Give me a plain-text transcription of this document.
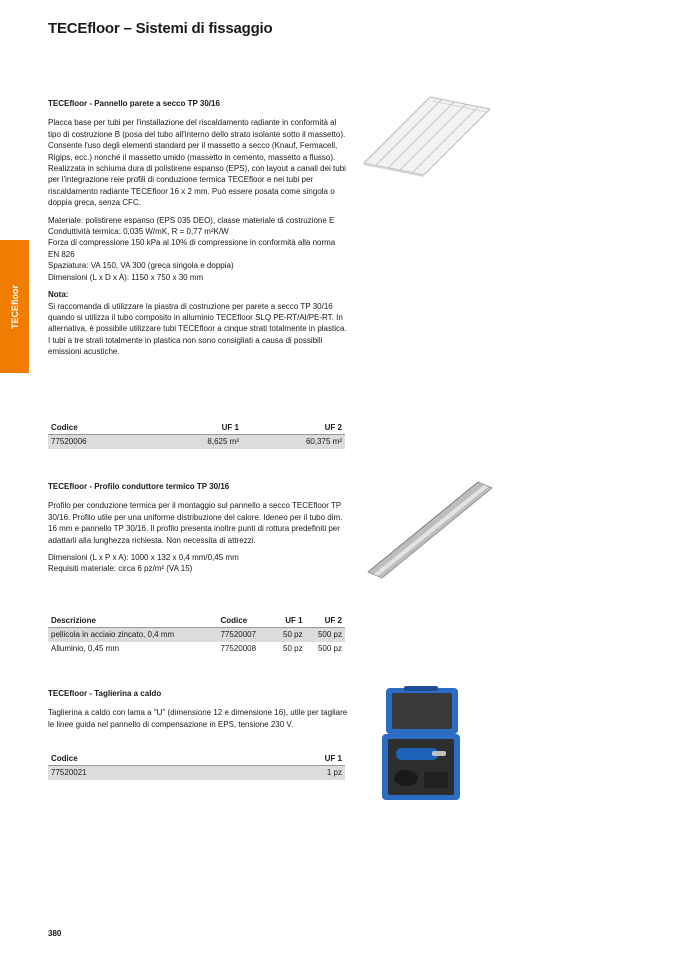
TECEfloor – Sistemi di fissaggio
TECEfloor
TECEfloor - Pannello parete a secco TP 30/16
Placca base per tubi per l'installazione del riscaldamento radiante in conformità al tipo di costruzione B (posa del tubo all'interno dello strato isolante sotto il massetto). Consente l'uso degli elementi standard per il massetto a secco (Knauf, Fermacell, Rigips, ecc.) nonché il massetto umido (massetto in cemento, massetto a flusso). Realizzata in schiuma dura di polistirene espanso (EPS), con layout a canali dei tubi per l'integrazione reie profili di conduzione termica TECEfloor e nei tubi per riscaldamento radiante TECEfloor 16 x 2 mm. Può essere posata come singola o doppia greca, senza CFC.
Materiale: polistirene espanso (EPS 035 DEO), classe materiale di costruzione E
Conduttività termica: 0,035 W/mK, R = 0,77 m²K/W
Forza di compressione 150 kPa al 10% di compressione in conformità alla norma EN 826
Spaziatura: VA 150, VA 300 (greca singola e doppia)
Dimensioni (L x D x A): 1150 x 750 x 30 mm
Nota:
Si raccomanda di utilizzare la piastra di costruzione per parete a secco TP 30/16 quando si utilizza il tubo composito in alluminio TECEfloor SLQ PE-RT/Al/PE-RT. In alternativa, è possibile utilizzare tubi TECEfloor a cinque strati totalmente in plastica. I tubi a tre strati totalmente in plastica non sono consigliati a causa di possibili emissioni acustiche.
Codice	UF 1	UF 2
77520006	8,625 m²	60,375 m²
TECEfloor - Profilo conduttore termico TP 30/16
Profilo per conduzione termica per il montaggio sul pannello a secco TECEfloor TP 30/16. Profilo utile per una uniforme distribuzione del calore. Ideneo per il tubo dim. 16 mm e pannello TP 30/16. Il profilo presenta inoltre punti di rottura predefiniti per adattarli alla lunghezza richiesta. Non necessita di attrezzi.
Dimensioni (L x P x A): 1000 x 132 x 0,4 mm/0,45 mm
Requisiti materiale: circa 6 pz/m² (VA 15)
Descrizione	Codice	UF 1	UF 2
pellicola in acciaio zincato, 0,4 mm	77520007	50 pz	500 pz
Alluminio, 0,45 mm	77520008	50 pz	500 pz
TECEfloor - Taglierina a caldo
Taglierina a caldo con lama a "U" (dimensione 12 e dimensione 16), utile per tagliare le linee guida nel pannello di compensazione in EPS, tensione 230 V.
Codice	UF 1
77520021	1 pz
380
